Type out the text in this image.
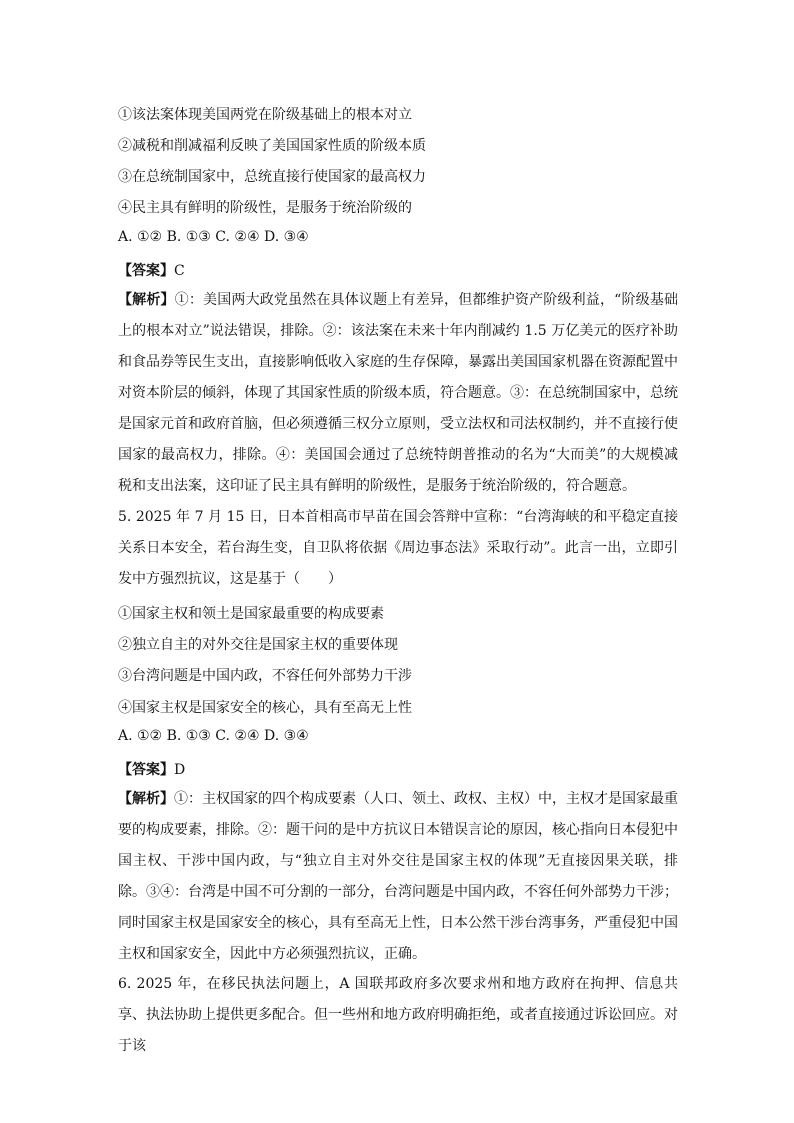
①该法案体现美国两党在阶级基础上的根本对立
②减税和削减福利反映了美国国家性质的阶级本质
③在总统制国家中，总统直接行使国家的最高权力
④民主具有鲜明的阶级性，是服务于统治阶级的
A. ①② B. ①③ C. ②④ D. ③④
【答案】C
【解析】①：美国两大政党虽然在具体议题上有差异，但都维护资产阶级利益，“阶级基础上的根本对立”说法错误，排除。②：该法案在未来十年内削减约 1.5 万亿美元的医疗补助和食品券等民生支出，直接影响低收入家庭的生存保障，暴露出美国国家机器在资源配置中对资本阶层的倾斜，体现了其国家性质的阶级本质，符合题意。③：在总统制国家中，总统是国家元首和政府首脑，但必须遵循三权分立原则，受立法权和司法权制约，并不直接行使国家的最高权力，排除。④：美国国会通过了总统特朗普推动的名为“大而美”的大规模减税和支出法案，这印证了民主具有鲜明的阶级性，是服务于统治阶级的，符合题意。
5. 2025 年 7 月 15 日，日本首相高市早苗在国会答辩中宣称：“台湾海峡的和平稳定直接关系日本安全，若台海生变，自卫队将依据《周边事态法》采取行动”。此言一出，立即引发中方强烈抗议，这是基于（　　）
①国家主权和领土是国家最重要的构成要素
②独立自主的对外交往是国家主权的重要体现
③台湾问题是中国内政，不容任何外部势力干涉
④国家主权是国家安全的核心，具有至高无上性
A. ①② B. ①③ C. ②④ D. ③④
【答案】D
【解析】①：主权国家的四个构成要素（人口、领土、政权、主权）中，主权才是国家最重要的构成要素，排除。②：题干问的是中方抗议日本错误言论的原因，核心指向日本侵犯中国主权、干涉中国内政，与“独立自主对外交往是国家主权的体现”无直接因果关联，排除。③④：台湾是中国不可分割的一部分，台湾问题是中国内政，不容任何外部势力干涉；同时国家主权是国家安全的核心，具有至高无上性，日本公然干涉台湾事务，严重侵犯中国主权和国家安全，因此中方必须强烈抗议，正确。
6. 2025 年，在移民执法问题上，A 国联邦政府多次要求州和地方政府在拘押、信息共享、执法协助上提供更多配合。但一些州和地方政府明确拒绝，或者直接通过诉讼回应。对于该
